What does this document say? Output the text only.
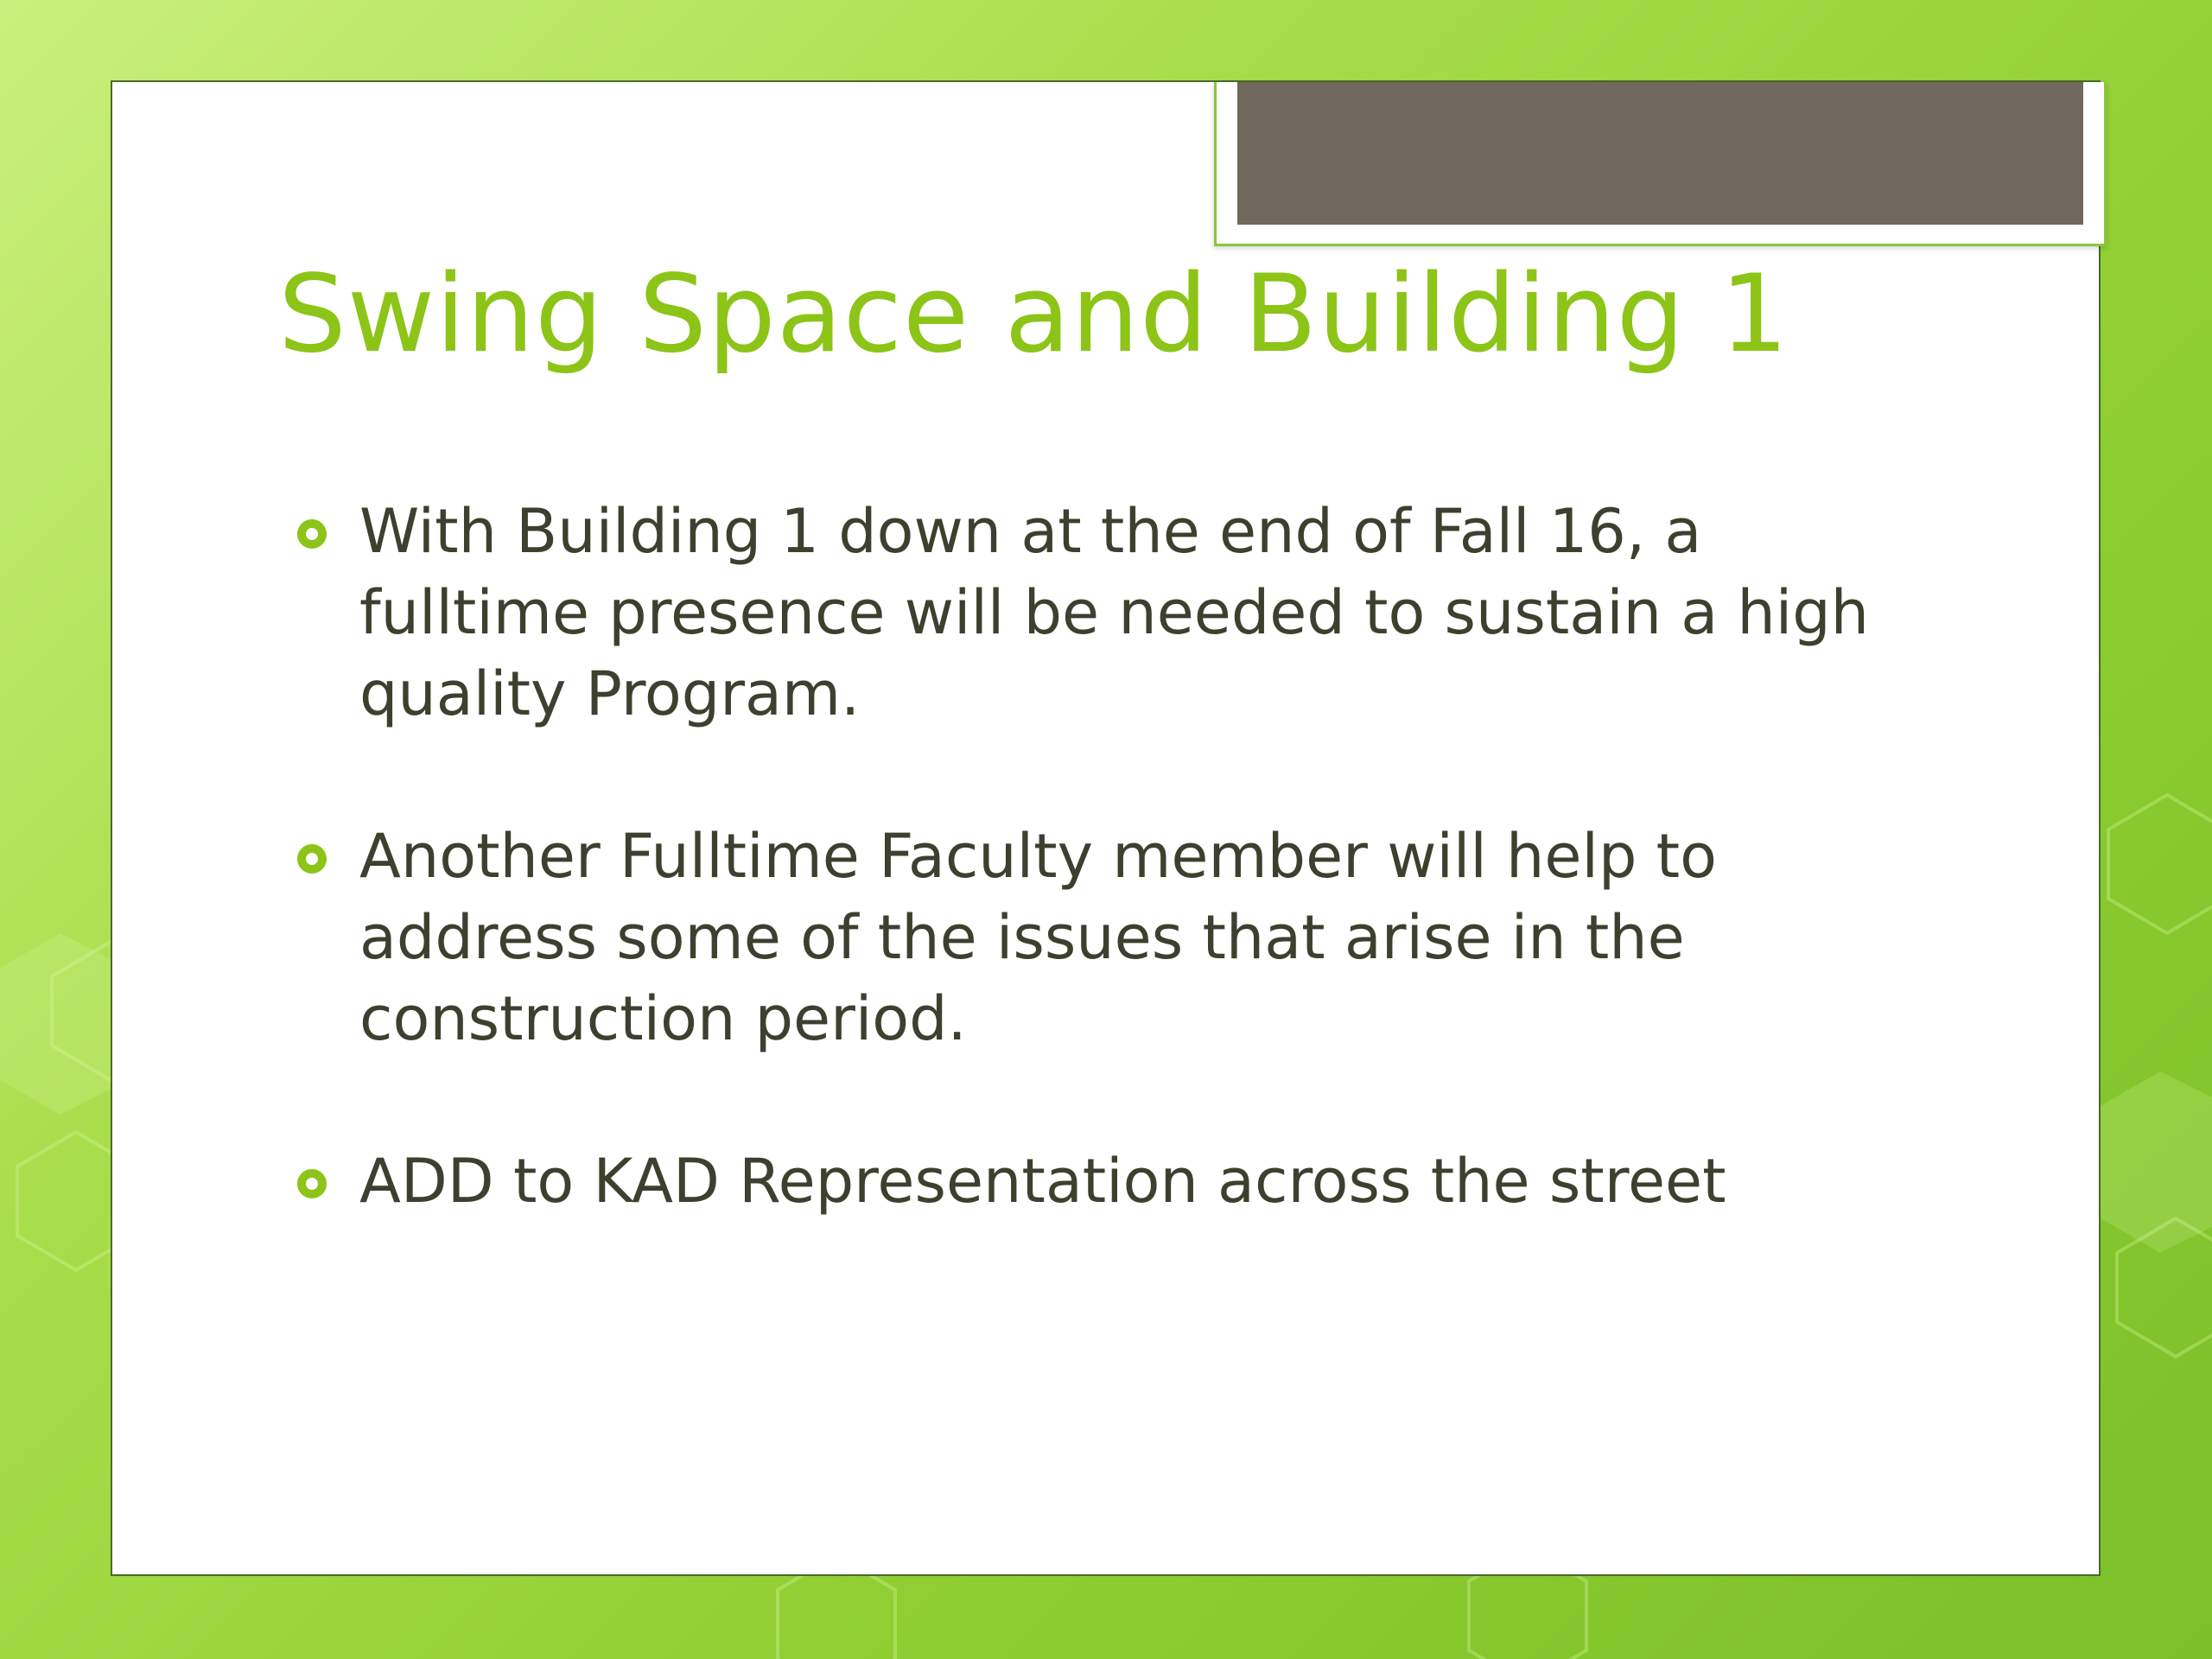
Swing Space and Building 1
With Building 1 down at the end of Fall 16, a fulltime presence will be needed to sustain a high quality Program.
Another Fulltime Faculty member will help to address some of the issues that arise in the construction period.
ADD to KAD Representation across the street
